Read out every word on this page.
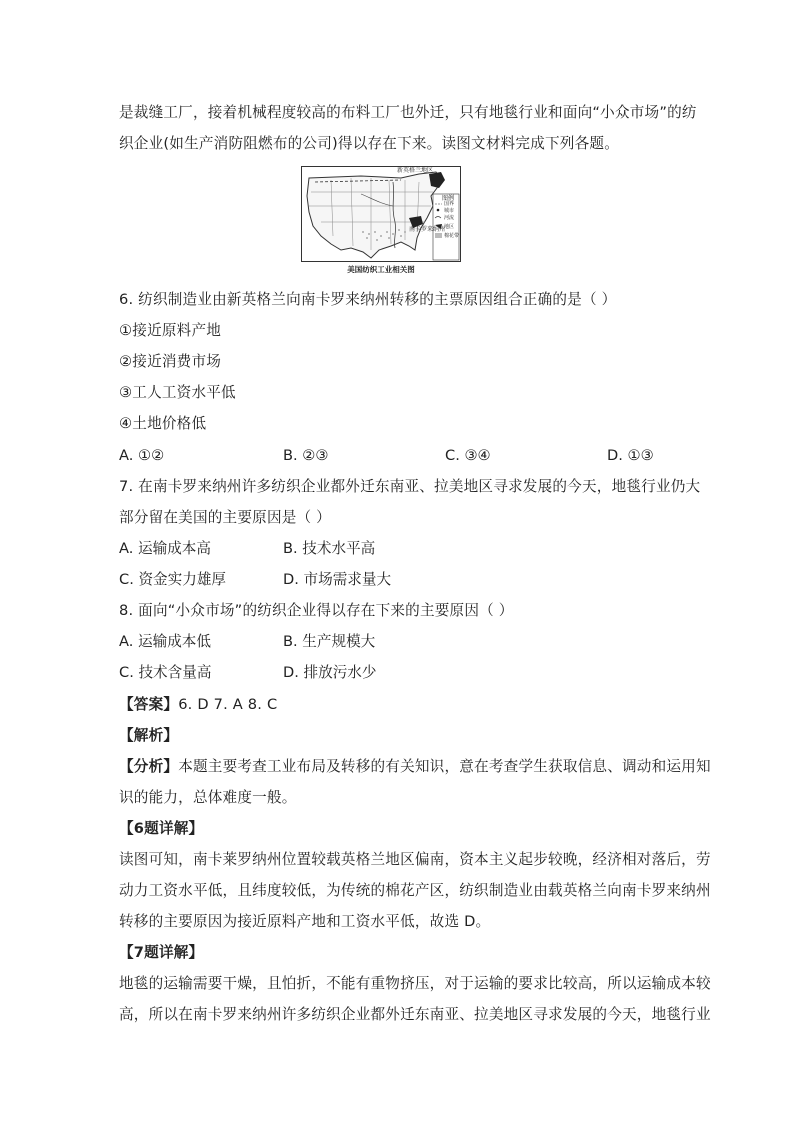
是裁缝工厂，接着机械程度较高的布料工厂也外迁，只有地毯行业和面向“小众市场”的纺
织企业(如生产消防阻燃布的公司)得以存在下来。读图文材料完成下列各题。
新英格兰地区
南卡罗来纳州
图例
国界
城市
河流
地区
棉花带
美国纺织工业相关图
6. 纺织制造业由新英格兰向南卡罗来纳州转移的主票原因组合正确的是（ ）
①接近原料产地
②接近消费市场
③工人工资水平低
④土地价格低
A. ①②	B. ②③	C. ③④	D. ①③
7. 在南卡罗来纳州许多纺织企业都外迁东南亚、拉美地区寻求发展的今天，地毯行业仍大
部分留在美国的主要原因是（ ）
A. 运输成本高	B. 技术水平高
C. 资金实力雄厚	D. 市场需求量大
8. 面向“小众市场”的纺织企业得以存在下来的主要原因（ ）
A. 运输成本低	B. 生产规模大
C. 技术含量高	D. 排放污水少
【答案】6. D 7. A 8. C
【解析】
【分析】本题主要考查工业布局及转移的有关知识，意在考查学生获取信息、调动和运用知
识的能力，总体难度一般。
【6题详解】
读图可知，南卡莱罗纳州位置较载英格兰地区偏南，资本主义起步较晚，经济相对落后，劳
动力工资水平低，且纬度较低，为传统的棉花产区，纺织制造业由载英格兰向南卡罗来纳州
转移的主要原因为接近原料产地和工资水平低，故选 D。
【7题详解】
地毯的运输需要干燥，且怕折，不能有重物挤压，对于运输的要求比较高，所以运输成本较
高，所以在南卡罗来纳州许多纺织企业都外迁东南亚、拉美地区寻求发展的今天，地毯行业
